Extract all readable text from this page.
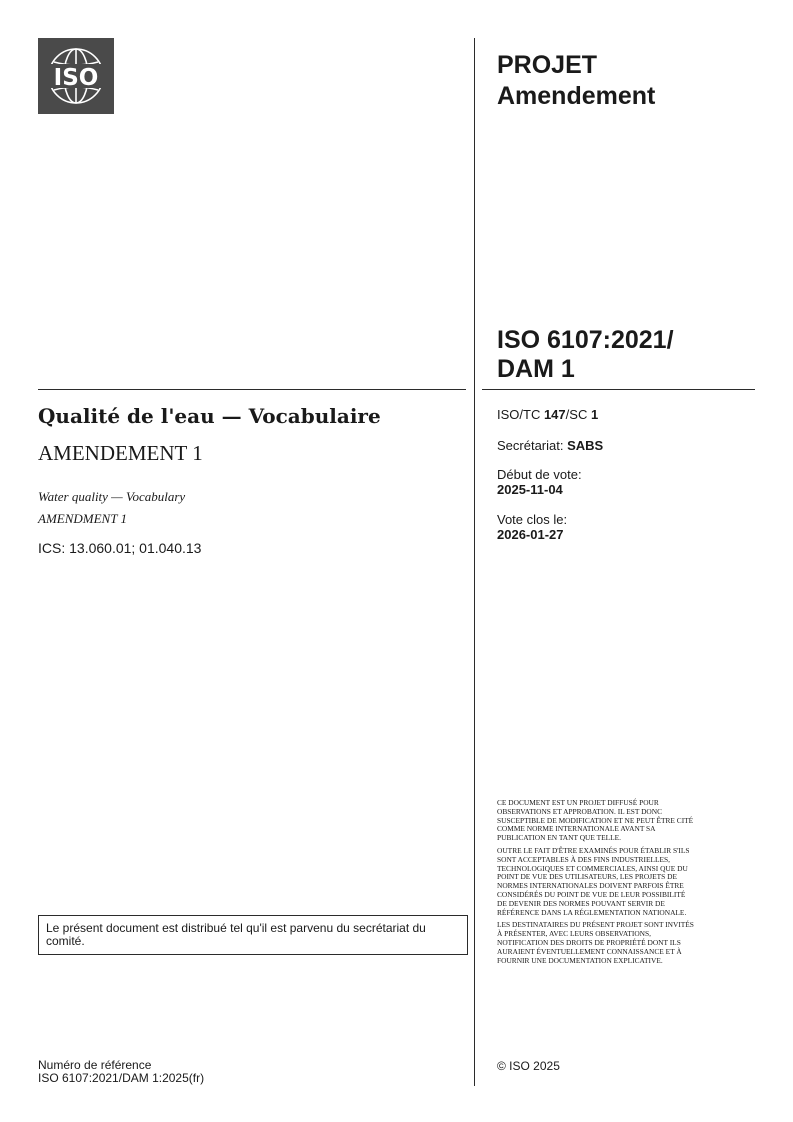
ISO	PROJET
Amendement
ISO 6107:2021/
DAM 1
Qualité de l'eau — Vocabulaire
AMENDEMENT 1
Water quality — Vocabulary
AMENDMENT 1
ICS: 13.060.01; 01.040.13
ISO/TC 147/SC 1
Secrétariat: SABS
Début de vote:
2025-11-04
Vote clos le:
2026-01-27
Le présent document est distribué tel qu'il est parvenu du secrétariat du comité.
Numéro de référence
ISO 6107:2021/DAM 1:2025(fr)

CE DOCUMENT EST UN PROJET DIFFUSÉ POUR OBSERVATIONS ET APPROBATION. IL EST DONC SUSCEPTIBLE DE MODIFICATION ET NE PEUT ÊTRE CITÉ COMME NORME INTERNATIONALE AVANT SA PUBLICATION EN TANT QUE TELLE.

OUTRE LE FAIT D'ÊTRE EXAMINÉS POUR ÉTABLIR S'ILS SONT ACCEPTABLES À DES FINS INDUSTRIELLES, TECHNOLOGIQUES ET COMMERCIALES, AINSI QUE DU POINT DE VUE DES UTILISATEURS, LES PROJETS DE NORMES INTERNATIONALES DOIVENT PARFOIS ÊTRE CONSIDÉRÉS DU POINT DE VUE DE LEUR POSSIBILITÉ DE DEVENIR DES NORMES POUVANT SERVIR DE RÉFÉRENCE DANS LA RÉGLEMENTATION NATIONALE.

LES DESTINATAIRES DU PRÉSENT PROJET SONT INVITÉS À PRÉSENTER, AVEC LEURS OBSERVATIONS, NOTIFICATION DES DROITS DE PROPRIÉTÉ DONT ILS AURAIENT ÉVENTUELLEMENT CONNAISSANCE ET À FOURNIR UNE DOCUMENTATION EXPLICATIVE.

© ISO 2025
